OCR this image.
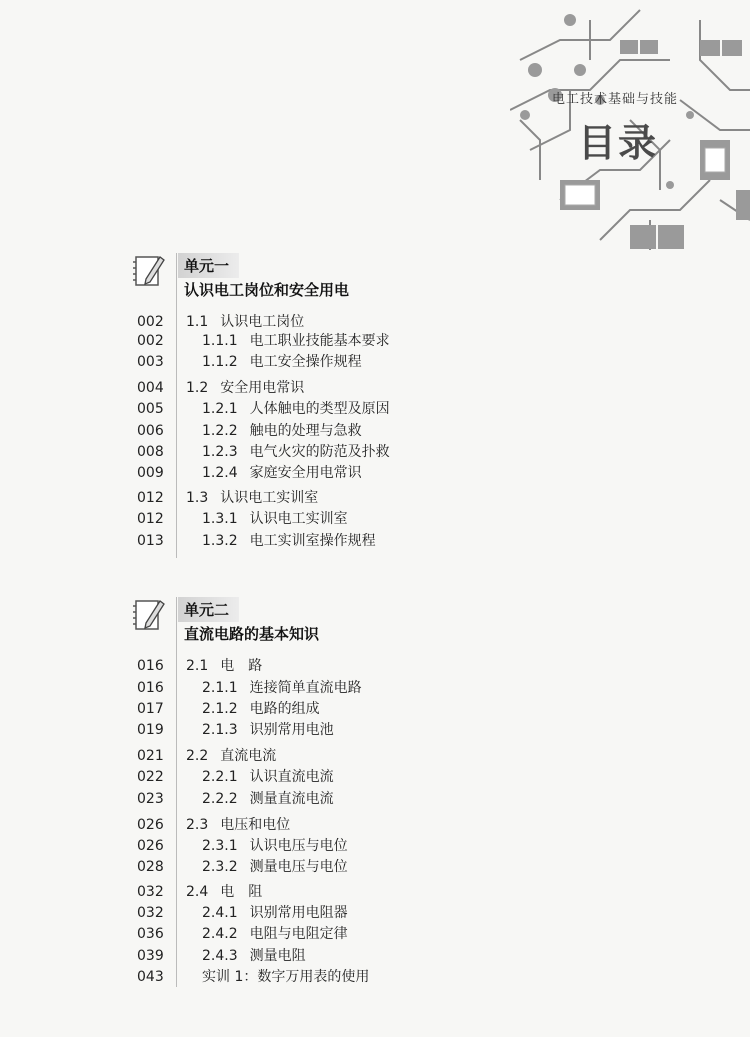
电工技术基础与技能
目录
单元一
认识电工岗位和安全用电
002	1.1 认识电工岗位
002	1.1.1 电工职业技能基本要求
003	1.1.2 电工安全操作规程
004	1.2 安全用电常识
005	1.2.1 人体触电的类型及原因
006	1.2.2 触电的处理与急救
008	1.2.3 电气火灾的防范及扑救
009	1.2.4 家庭安全用电常识
012	1.3 认识电工实训室
012	1.3.1 认识电工实训室
013	1.3.2 电工实训室操作规程
单元二
直流电路的基本知识
016	2.1 电　路
016	2.1.1 连接简单直流电路
017	2.1.2 电路的组成
019	2.1.3 识别常用电池
021	2.2 直流电流
022	2.2.1 认识直流电流
023	2.2.2 测量直流电流
026	2.3 电压和电位
026	2.3.1 认识电压与电位
028	2.3.2 测量电压与电位
032	2.4 电　阻
032	2.4.1 识别常用电阻器
036	2.4.2 电阻与电阻定律
039	2.4.3 测量电阻
043	实训 1：数字万用表的使用
